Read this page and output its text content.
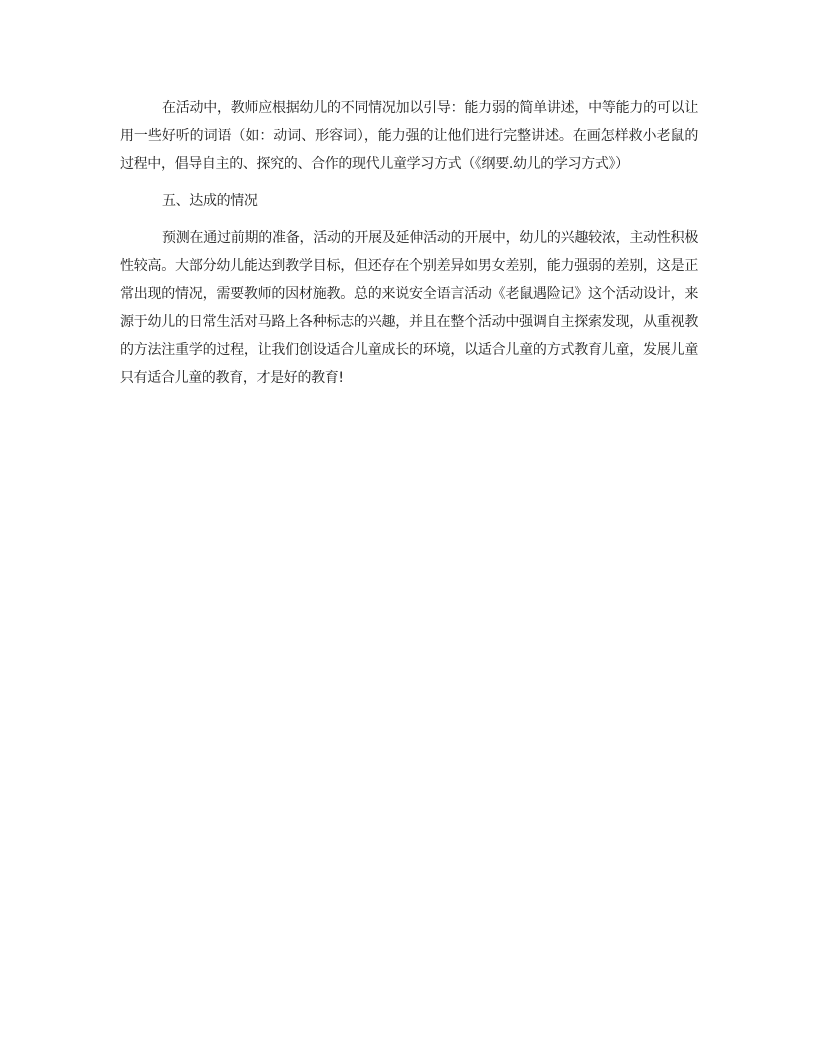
在活动中，教师应根据幼儿的不同情况加以引导：能力弱的简单讲述，中等能力的可以让用一些好听的词语（如：动词、形容词），能力强的让他们进行完整讲述。在画怎样救小老鼠的过程中，倡导自主的、探究的、合作的现代儿童学习方式（《纲要.幼儿的学习方式》）

五、达成的情况

预测在通过前期的准备，活动的开展及延伸活动的开展中，幼儿的兴趣较浓，主动性积极性较高。大部分幼儿能达到教学目标，但还存在个别差异如男女差别，能力强弱的差别，这是正常出现的情况，需要教师的因材施教。总的来说安全语言活动《老鼠遇险记》这个活动设计，来源于幼儿的日常生活对马路上各种标志的兴趣，并且在整个活动中强调自主探索发现，从重视教的方法注重学的过程，让我们创设适合儿童成长的环境，以适合儿童的方式教育儿童，发展儿童只有适合儿童的教育，才是好的教育!
